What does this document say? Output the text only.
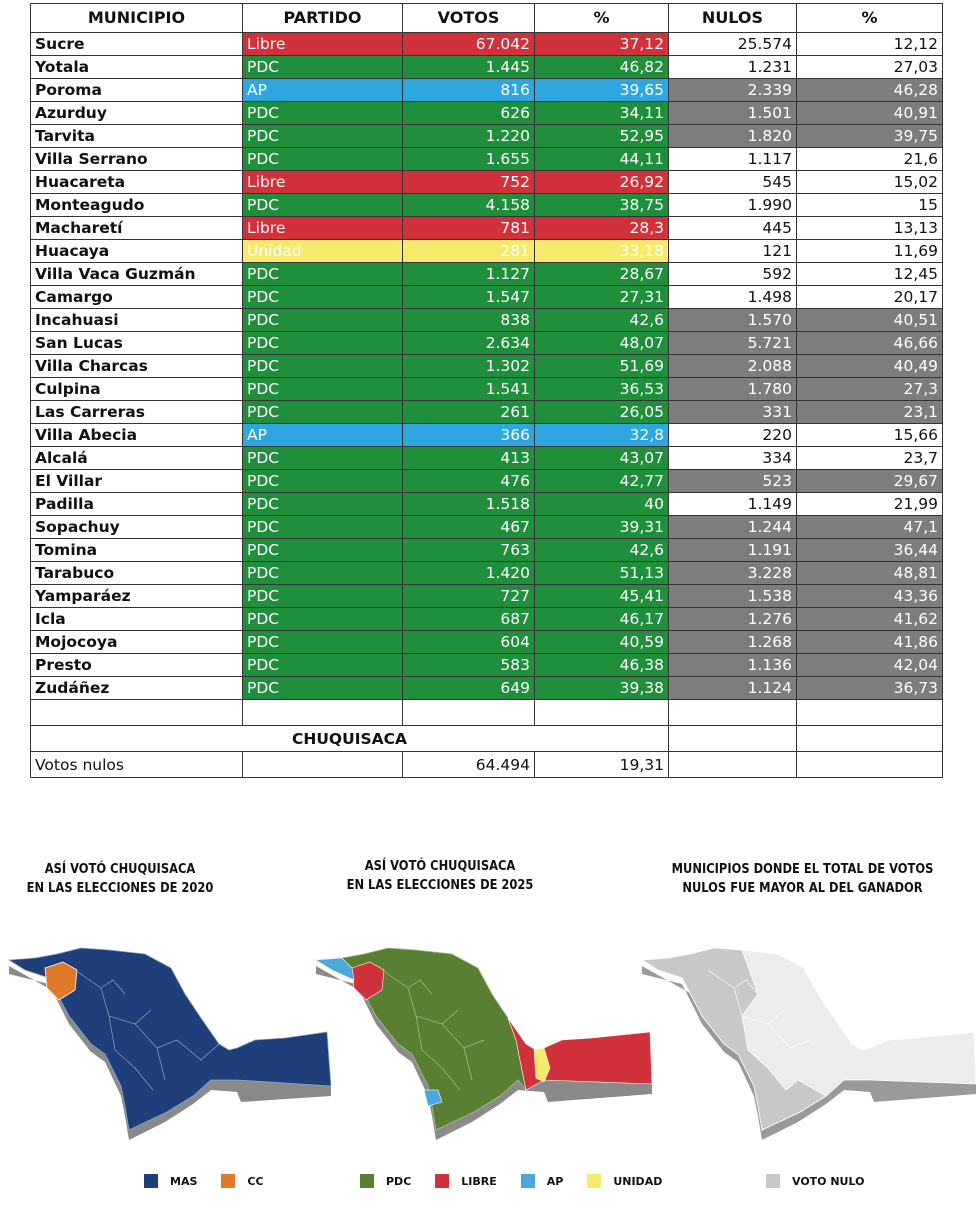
MUNICIPIO	PARTIDO	VOTOS	%	NULOS	%
Sucre	Libre	67.042	37,12	25.574	12,12
Yotala	PDC	1.445	46,82	1.231	27,03
Poroma	AP	816	39,65	2.339	46,28
Azurduy	PDC	626	34,11	1.501	40,91
Tarvita	PDC	1.220	52,95	1.820	39,75
Villa Serrano	PDC	1.655	44,11	1.117	21,6
Huacareta	Libre	752	26,92	545	15,02
Monteagudo	PDC	4.158	38,75	1.990	15
Macharetí	Libre	781	28,3	445	13,13
Huacaya	Unidad	281	33,18	121	11,69
Villa Vaca Guzmán	PDC	1.127	28,67	592	12,45
Camargo	PDC	1.547	27,31	1.498	20,17
Incahuasi	PDC	838	42,6	1.570	40,51
San Lucas	PDC	2.634	48,07	5.721	46,66
Villa Charcas	PDC	1.302	51,69	2.088	40,49
Culpina	PDC	1.541	36,53	1.780	27,3
Las Carreras	PDC	261	26,05	331	23,1
Villa Abecia	AP	366	32,8	220	15,66
Alcalá	PDC	413	43,07	334	23,7
El Villar	PDC	476	42,77	523	29,67
Padilla	PDC	1.518	40	1.149	21,99
Sopachuy	PDC	467	39,31	1.244	47,1
Tomina	PDC	763	42,6	1.191	36,44
Tarabuco	PDC	1.420	51,13	3.228	48,81
Yamparáez	PDC	727	45,41	1.538	43,36
Icla	PDC	687	46,17	1.276	41,62
Mojocoya	PDC	604	40,59	1.268	41,86
Presto	PDC	583	46,38	1.136	42,04
Zudáñez	PDC	649	39,38	1.124	36,73

CHUQUISACA					
Votos nulos		64.494	19,31		
ASÍ VOTÓ CHUQUISACA
EN LAS ELECCIONES DE 2020
ASÍ VOTÓ CHUQUISACA
EN LAS ELECCIONES DE 2025
MUNICIPIOS DONDE EL TOTAL DE VOTOS
NULOS FUE MAYOR AL DEL GANADOR
MAS	CC	PDC	LIBRE	AP	UNIDAD	VOTO NULO
